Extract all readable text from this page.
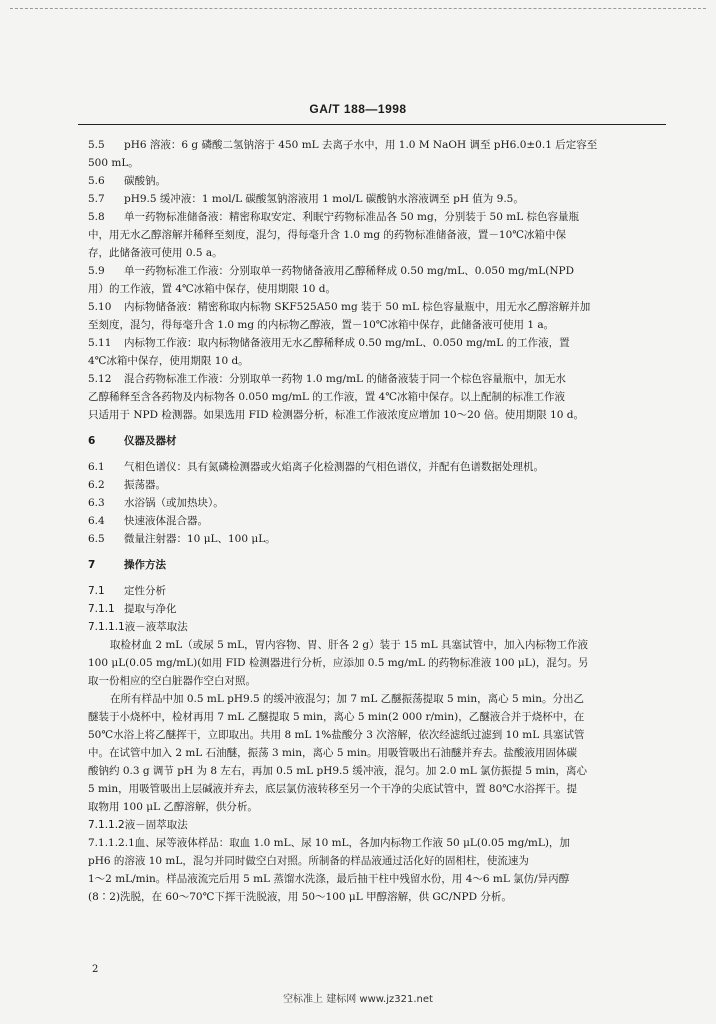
GA/T 188—1998
5.5 pH6 溶液：6 g 磷酸二氢钠溶于 450 mL 去离子水中，用 1.0 M NaOH 调至 pH6.0±0.1 后定容至
500 mL。
5.6 碳酸钠。
5.7 pH9.5 缓冲液：1 mol/L 碳酸氢钠溶液用 1 mol/L 碳酸钠水溶液调至 pH 值为 9.5。
5.8 单一药物标准储备液：精密称取安定、利眠宁药物标准品各 50 mg，分别装于 50 mL 棕色容量瓶
中，用无水乙醇溶解并稀释至刻度，混匀，得每毫升含 1.0 mg 的药物标准储备液，置－10℃冰箱中保
存，此储备液可使用 0.5 a。
5.9 单一药物标准工作液：分别取单一药物储备液用乙醇稀释成 0.50 mg/mL、0.050 mg/mL(NPD
用）的工作液，置 4℃冰箱中保存，使用期限 10 d。
5.10 内标物储备液：精密称取内标物 SKF525A50 mg 装于 50 mL 棕色容量瓶中，用无水乙醇溶解并加
至刻度，混匀，得每毫升含 1.0 mg 的内标物乙醇液，置－10℃冰箱中保存，此储备液可使用 1 a。
5.11 内标物工作液：取内标物储备液用无水乙醇稀释成 0.50 mg/mL、0.050 mg/mL 的工作液，置
4℃冰箱中保存，使用期限 10 d。
5.12 混合药物标准工作液：分别取单一药物 1.0 mg/mL 的储备液装于同一个棕色容量瓶中，加无水
乙醇稀释至含各药物及内标物各 0.050 mg/mL 的工作液，置 4℃冰箱中保存。以上配制的标准工作液
只适用于 NPD 检测器。如果选用 FID 检测器分析，标准工作液浓度应增加 10～20 倍。使用期限 10 d。
6	仪器及器材
6.1 气相色谱仪：具有氮磷检测器或火焰离子化检测器的气相色谱仪，并配有色谱数据处理机。
6.2 振荡器。
6.3 水浴锅（或加热块）。
6.4 快速液体混合器。
6.5 微量注射器：10 μL、100 μL。
7	操作方法
7.1 定性分析
7.1.1 提取与净化
7.1.1.1液－液萃取法
取检材血 2 mL（或尿 5 mL，胃内容物、胃、肝各 2 g）装于 15 mL 具塞试管中，加入内标物工作液
100 μL(0.05 mg/mL)(如用 FID 检测器进行分析，应添加 0.5 mg/mL 的药物标准液 100 μL)，混匀。另
取一份相应的空白脏器作空白对照。
在所有样品中加 0.5 mL pH9.5 的缓冲液混匀；加 7 mL 乙醚振荡提取 5 min，离心 5 min。分出乙
醚装于小烧杯中，检材再用 7 mL 乙醚提取 5 min，离心 5 min(2 000 r/min)，乙醚液合并于烧杯中，在
50℃水浴上将乙醚挥干，立即取出。共用 8 mL 1%盐酸分 3 次溶解，依次经滤纸过滤到 10 mL 具塞试管
中。在试管中加入 2 mL 石油醚，振荡 3 min，离心 5 min。用吸管吸出石油醚并弃去。盐酸液用固体碳
酸钠约 0.3 g 调节 pH 为 8 左右，再加 0.5 mL pH9.5 缓冲液，混匀。加 2.0 mL 氯仿振提 5 min，离心
5 min，用吸管吸出上层碱液并弃去，底层氯仿液转移至另一个干净的尖底试管中，置 80℃水浴挥干。提
取物用 100 μL 乙醇溶解，供分析。
7.1.1.2液－固萃取法
7.1.1.2.1血、尿等液体样品：取血 1.0 mL、尿 10 mL，各加内标物工作液 50 μL(0.05 mg/mL)，加
pH6 的溶液 10 mL，混匀并同时做空白对照。所制备的样品液通过活化好的固相柱，使流速为
1～2 mL/min。样品液流完后用 5 mL 蒸馏水洗涤，最后抽干柱中残留水份，用 4～6 mL 氯仿/异丙醇
(8∶2)洗脱，在 60～70℃下挥干洗脱液，用 50～100 μL 甲醇溶解，供 GC/NPD 分析。
2
空标准上 建标网 www.jz321.net
